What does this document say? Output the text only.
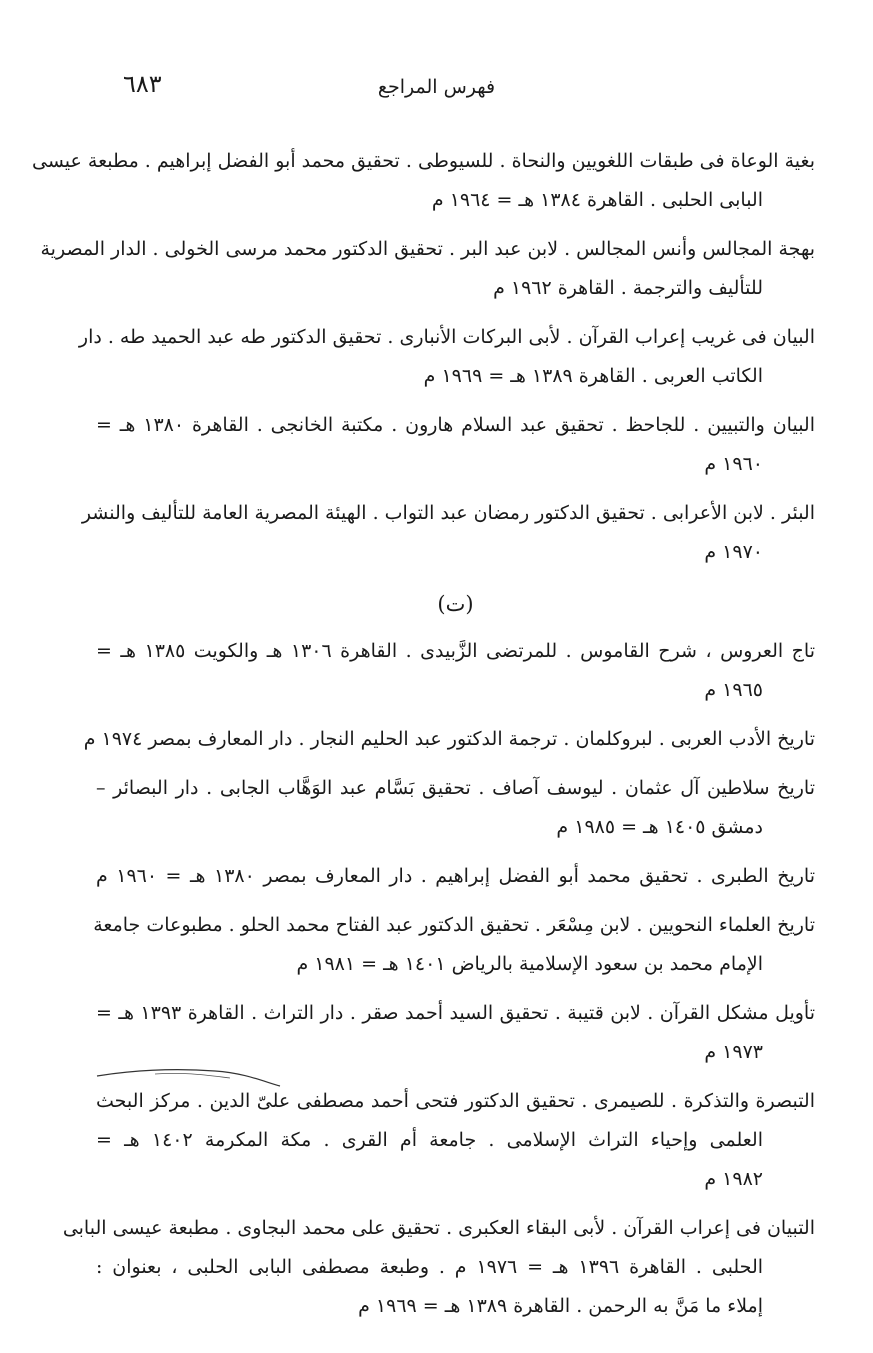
٦٨٣	فهرس المراجع
بغية الوعاة فى طبقات اللغويين والنحاة . للسيوطى . تحقيق محمد أبو الفضل إبراهيم . مطبعة عيسى
البابى الحلبى . القاهرة ١٣٨٤ هـ = ١٩٦٤ م
بهجة المجالس وأنس المجالس . لابن عبد البر . تحقيق الدكتور محمد مرسى الخولى . الدار المصرية
للتأليف والترجمة . القاهرة ١٩٦٢ م
البيان فى غريب إعراب القرآن . لأبى البركات الأنبارى . تحقيق الدكتور طه عبد الحميد طه . دار
الكاتب العربى . القاهرة ١٣٨٩ هـ = ١٩٦٩ م
البيان والتبيين . للجاحظ . تحقيق عبد السلام هارون . مكتبة الخانجى . القاهرة ١٣٨٠ هـ =
١٩٦٠ م
البئر . لابن الأعرابى . تحقيق الدكتور رمضان عبد التواب . الهيئة المصرية العامة للتأليف والنشر
١٩٧٠ م
(ت)
تاج العروس ، شرح القاموس . للمرتضى الزَّبيدى . القاهرة ١٣٠٦ هـ والكويت ١٣٨٥ هـ =
١٩٦٥ م
تاريخ الأدب العربى . لبروكلمان . ترجمة الدكتور عبد الحليم النجار . دار المعارف بمصر ١٩٧٤ م
تاريخ سلاطين آل عثمان . ليوسف آصاف . تحقيق بَسَّام عبد الوَهَّاب الجابى . دار البصائر –
دمشق ١٤٠٥ هـ = ١٩٨٥ م
تاريخ الطبرى . تحقيق محمد أبو الفضل إبراهيم . دار المعارف بمصر ١٣٨٠ هـ = ١٩٦٠ م
تاريخ العلماء النحويين . لابن مِسْعَر . تحقيق الدكتور عبد الفتاح محمد الحلو . مطبوعات جامعة
الإمام محمد بن سعود الإسلامية بالرياض ١٤٠١ هـ = ١٩٨١ م
تأويل مشكل القرآن . لابن قتيبة . تحقيق السيد أحمد صقر . دار التراث . القاهرة ١٣٩٣ هـ =
١٩٧٣ م
التبصرة والتذكرة . للصيمرى . تحقيق الدكتور فتحى أحمد مصطفى علىّ الدين . مركز البحث
العلمى وإحياء التراث الإسلامى . جامعة أم القرى . مكة المكرمة ١٤٠٢ هـ =
١٩٨٢ م
التبيان فى إعراب القرآن . لأبى البقاء العكبرى . تحقيق على محمد البجاوى . مطبعة عيسى البابى
الحلبى . القاهرة ١٣٩٦ هـ = ١٩٧٦ م . وطبعة مصطفى البابى الحلبى ، بعنوان :
إملاء ما مَنَّ به الرحمن . القاهرة ١٣٨٩ هـ = ١٩٦٩ م
